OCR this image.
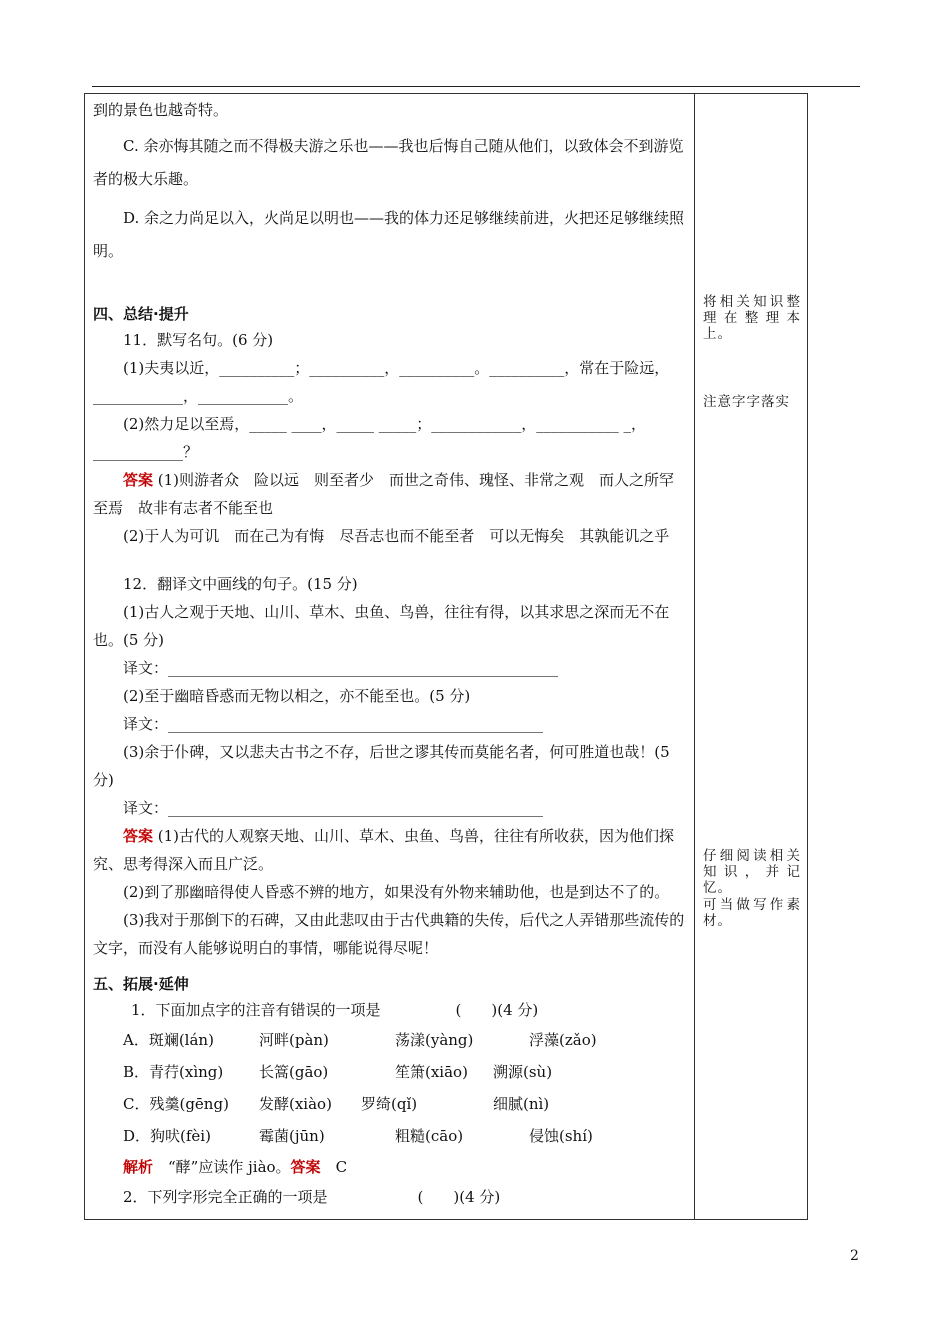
到的景色也越奇特。

C. 余亦悔其随之而不得极夫游之乐也——我也后悔自己随从他们，以致体会不到游览者的极大乐趣。

D. 余之力尚足以入，火尚足以明也——我的体力还足够继续前进，火把还足够继续照明。

四、总结·提升

11．默写名句。(6 分)

(1)夫夷以近，__________；__________，__________。__________，常在于险远，____________，____________。

(2)然力足以至焉，_____ ____，_____ _____；____________，___________ _，____________？

答案 (1)则游者众　险以远　则至者少　而世之奇伟、瑰怪、非常之观　而人之所罕至焉　故非有志者不能至也

(2)于人为可讥　而在己为有悔　尽吾志也而不能至者　可以无悔矣　其孰能讥之乎

12．翻译文中画线的句子。(15 分)

(1)古人之观于天地、山川、草木、虫鱼、鸟兽，往往有得，以其求思之深而无不在也。(5 分)

译文：____________________________________________________

(2)至于幽暗昏惑而无物以相之，亦不能至也。(5 分)

译文：__________________________________________________

(3)余于仆碑，又以悲夫古书之不存，后世之谬其传而莫能名者，何可胜道也哉！(5 分)

译文：__________________________________________________

答案 (1)古代的人观察天地、山川、草木、虫鱼、鸟兽，往往有所收获，因为他们探究、思考得深入而且广泛。

(2)到了那幽暗得使人昏惑不辨的地方，如果没有外物来辅助他，也是到达不了的。

(3)我对于那倒下的石碑，又由此悲叹由于古代典籍的失传，后代之人弄错那些流传的文字，而没有人能够说明白的事情，哪能说得尽呢！

五、拓展·延伸

1．下面加点字的注音有错误的一项是　　　　　(　　)(4 分)

A．斑斓(lán)	河畔(pàn)	荡漾(yàng)	浮藻(zǎo)
B．青荇(xìng) 长篙(gāo)	笙箫(xiāo) 溯源(sù)
C．残羹(gēng) 发酵(xiào) 罗绮(qǐ)	细腻(nì)
D．狗吠(fèi)	霉菌(jūn)	粗糙(cāo)	侵蚀(shí)

解析　“酵”应读作 jiào。答案　C

2．下列字形完全正确的一项是　　　　　　(　　)(4 分)

将相关知识整理在整理本上。
注意字字落实
仔细阅读相关知识，并记忆。
可当做写作素材。
2
